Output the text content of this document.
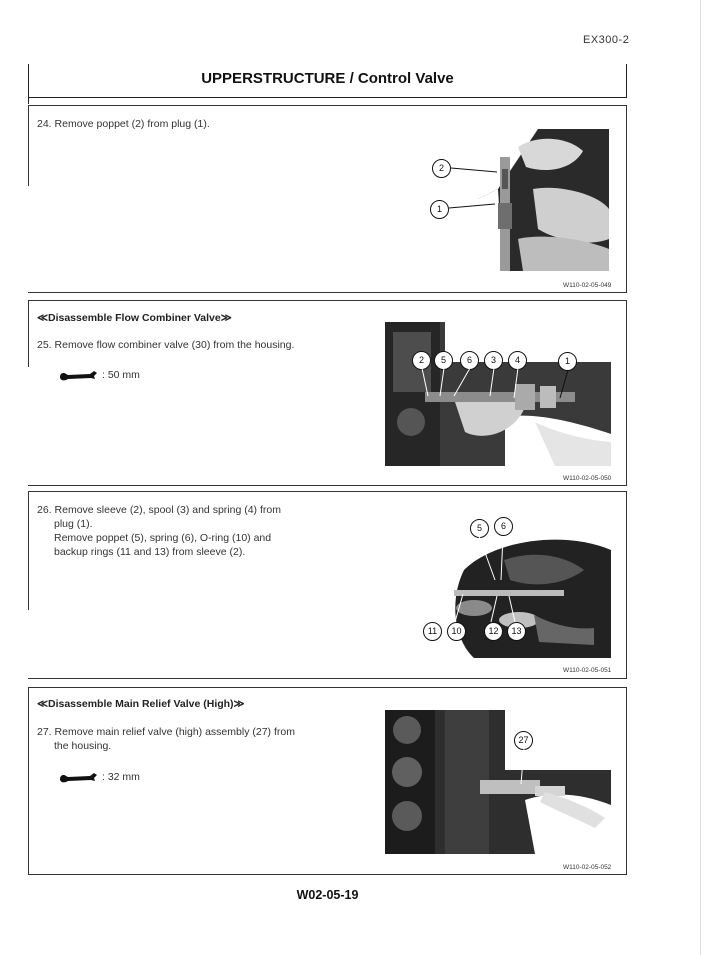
EX300-2
UPPERSTRUCTURE / Control Valve
24. Remove poppet (2) from plug (1).
2
1
W110-02-05-049
≪Disassemble Flow Combiner Valve≫
25. Remove flow combiner valve (30) from the housing.
: 50 mm
2	5	6	3	4	1
W110-02-05-050
26. Remove sleeve (2), spool (3) and spring (4) from
plug (1).
Remove poppet (5), spring (6), O-ring (10) and
backup rings (11 and 13) from sleeve (2).
5	6
11	10	12	13
W110-02-05-051
≪Disassemble Main Relief Valve (High)≫
27. Remove main relief valve (high) assembly (27) from
the housing.
: 32 mm
27
W110-02-05-052
W02-05-19
